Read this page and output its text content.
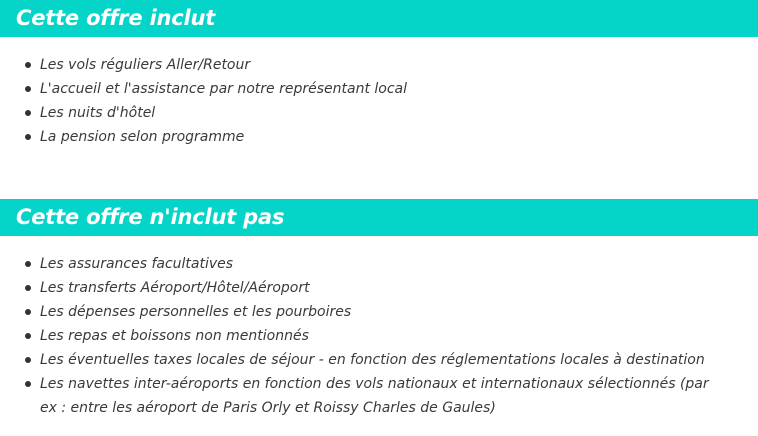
Cette offre inclut
Les vols réguliers Aller/Retour
L'accueil et l'assistance par notre représentant local
Les nuits d'hôtel
La pension selon programme
Cette offre n'inclut pas
Les assurances facultatives
Les transferts Aéroport/Hôtel/Aéroport
Les dépenses personnelles et les pourboires
Les repas et boissons non mentionnés
Les éventuelles taxes locales de séjour - en fonction des réglementations locales à destination
Les navettes inter-aéroports en fonction des vols nationaux et internationaux sélectionnés (par ex : entre les aéroport de Paris Orly et Roissy Charles de Gaules)
